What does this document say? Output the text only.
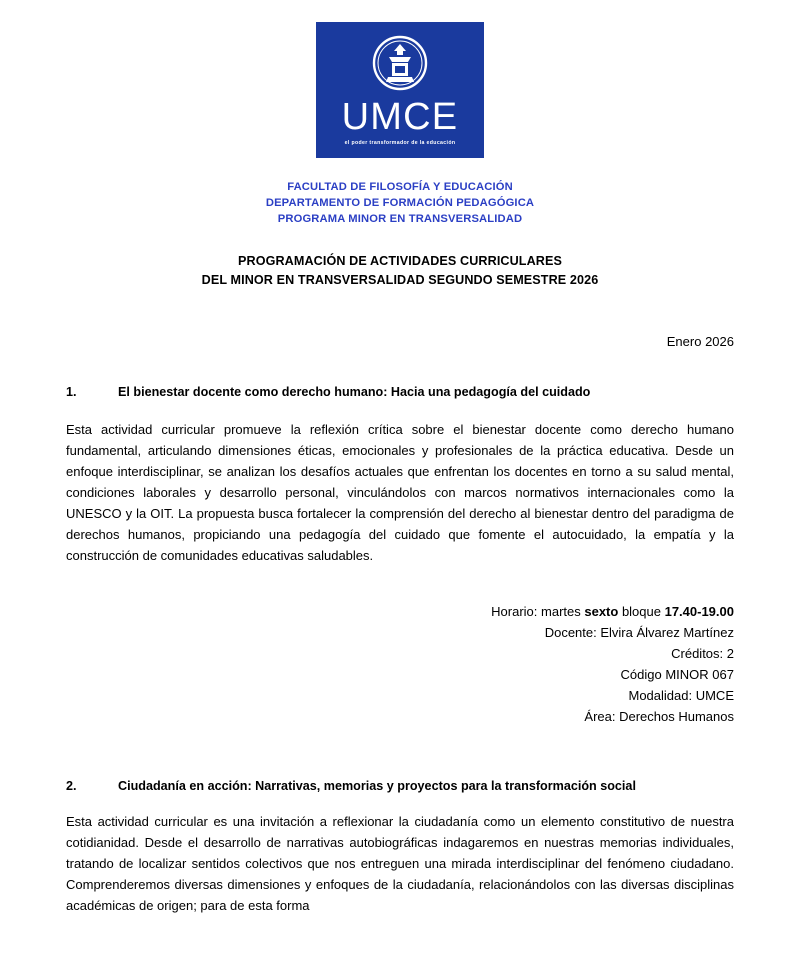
UMCE
el poder transformador de la educación
FACULTAD DE FILOSOFÍA Y EDUCACIÓN
DEPARTAMENTO DE FORMACIÓN PEDAGÓGICA
PROGRAMA MINOR EN TRANSVERSALIDAD
PROGRAMACIÓN DE ACTIVIDADES CURRICULARES
DEL MINOR EN TRANSVERSALIDAD SEGUNDO SEMESTRE 2026
Enero 2026
1.	El bienestar docente como derecho humano: Hacia una pedagogía del cuidado

Esta actividad curricular promueve la reflexión crítica sobre el bienestar docente como derecho humano fundamental, articulando dimensiones éticas, emocionales y profesionales de la práctica educativa. Desde un enfoque interdisciplinar, se analizan los desafíos actuales que enfrentan los docentes en torno a su salud mental, condiciones laborales y desarrollo personal, vinculándolos con marcos normativos internacionales como la UNESCO y la OIT. La propuesta busca fortalecer la comprensión del derecho al bienestar dentro del paradigma de derechos humanos, propiciando una pedagogía del cuidado que fomente el autocuidado, la empatía y la construcción de comunidades educativas saludables.

Horario: martes sexto bloque 17.40-19.00
Docente: Elvira Álvarez Martínez
Créditos: 2
Código MINOR 067
Modalidad: UMCE
Área: Derechos Humanos
2.	Ciudadanía en acción: Narrativas, memorias y proyectos para la transformación social

Esta actividad curricular es una invitación a reflexionar la ciudadanía como un elemento constitutivo de nuestra cotidianidad. Desde el desarrollo de narrativas autobiográficas indagaremos en nuestras memorias individuales, tratando de localizar sentidos colectivos que nos entreguen una mirada interdisciplinar del fenómeno ciudadano. Comprenderemos diversas dimensiones y enfoques de la ciudadanía, relacionándolos con las diversas disciplinas académicas de origen; para de esta forma
